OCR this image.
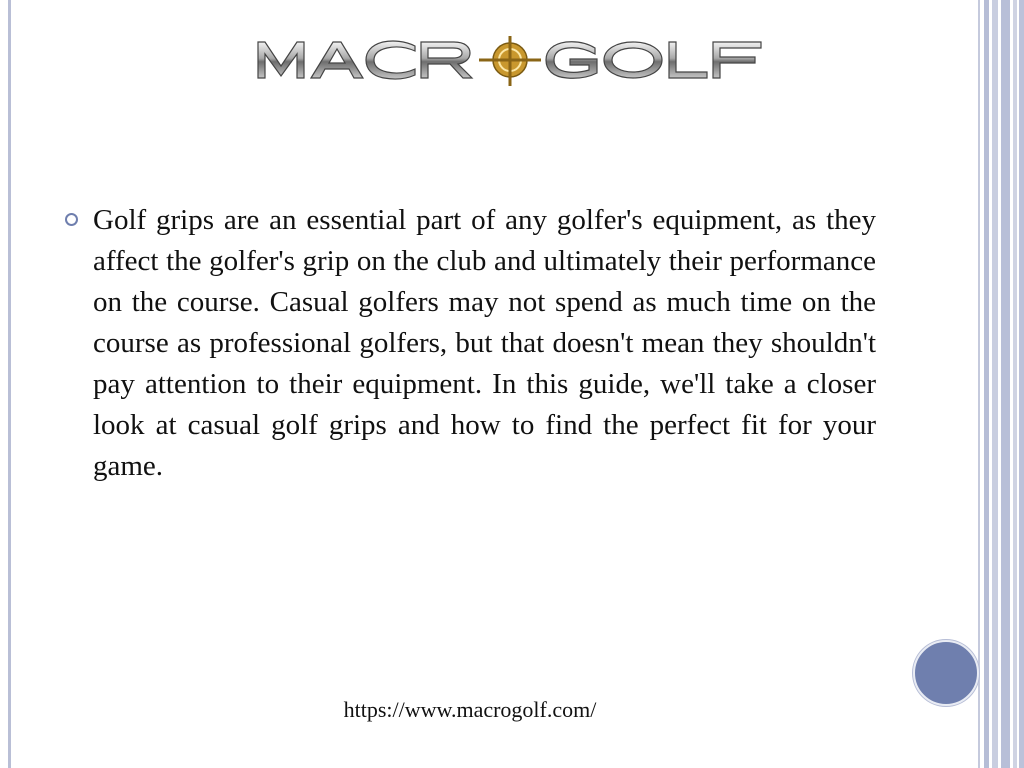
Golf grips are an essential part of any golfer's equipment, as they affect the golfer's grip on the club and ultimately their performance on the course. Casual golfers may not spend as much time on the course as professional golfers, but that doesn't mean they shouldn't pay attention to their equipment. In this guide, we'll take a closer look at casual golf grips and how to find the perfect fit for your game.

https://www.macrogolf.com/
